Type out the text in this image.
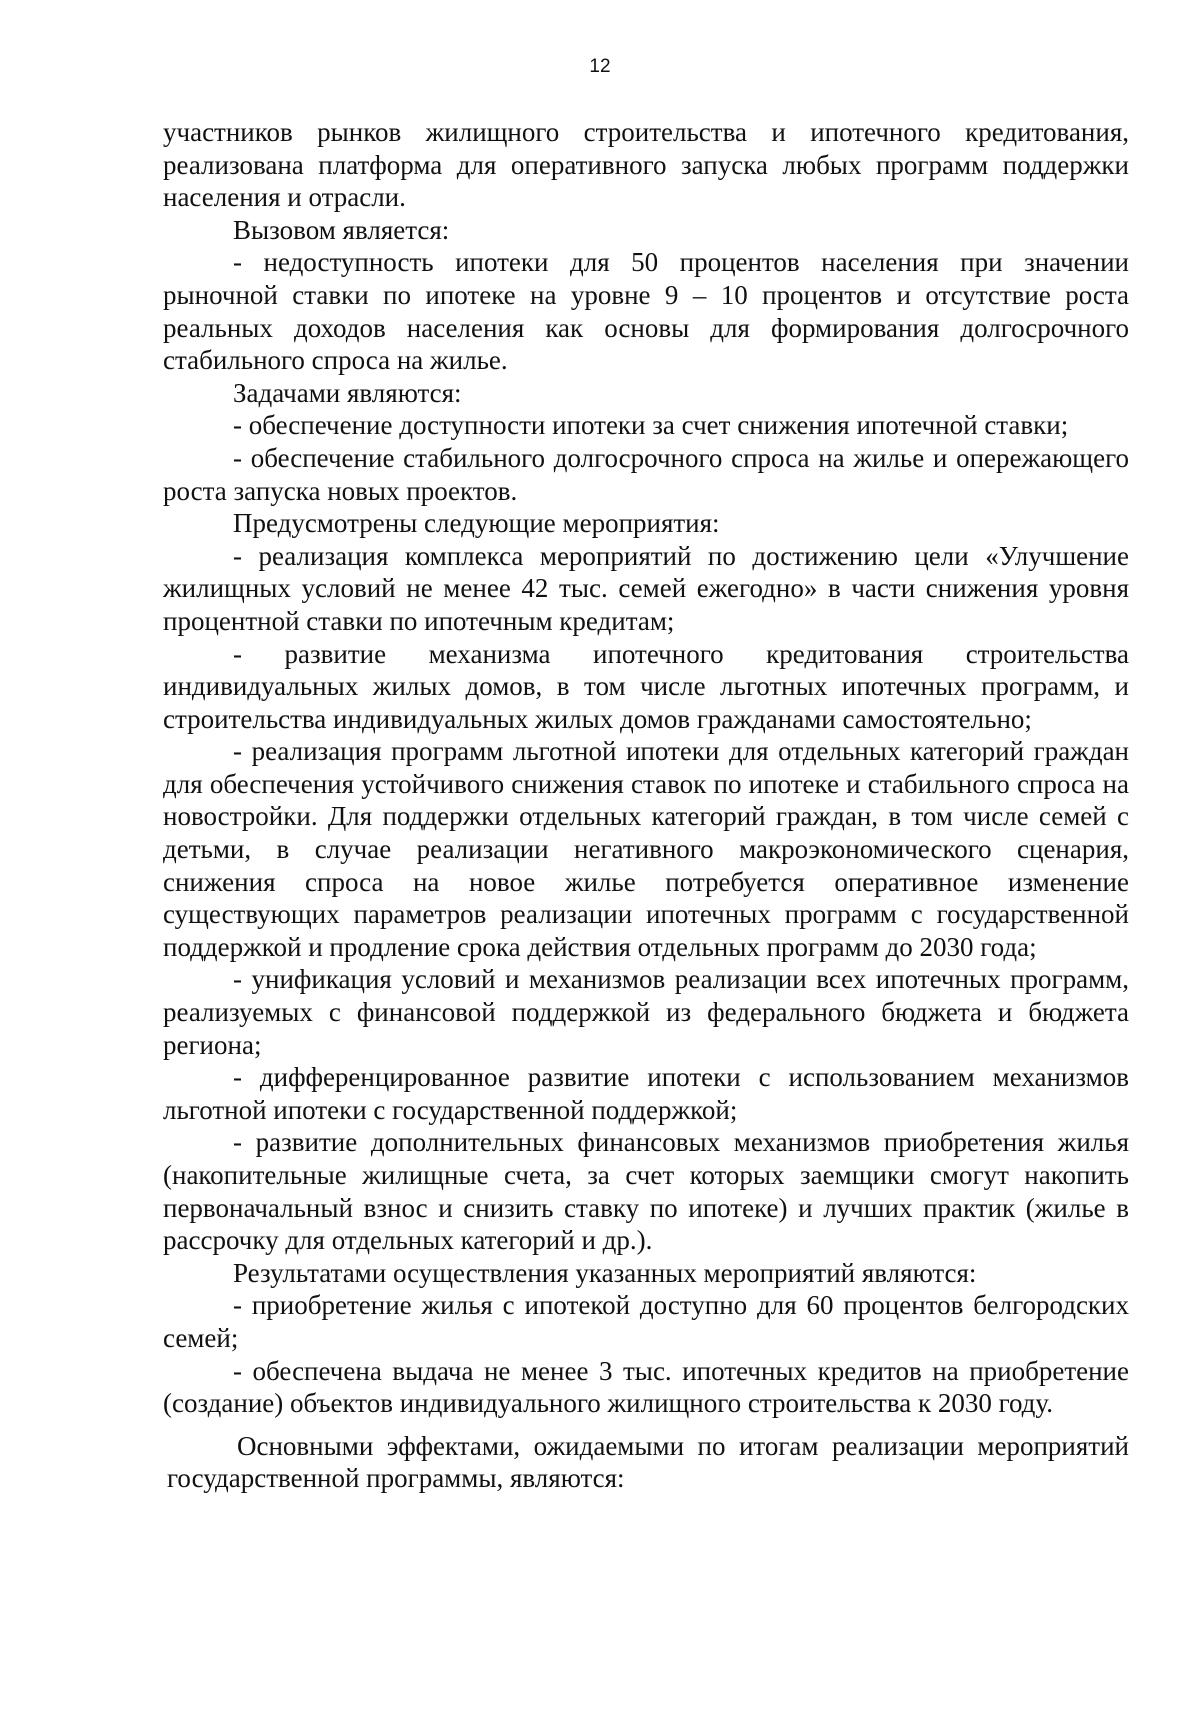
12

участников рынков жилищного строительства и ипотечного кредитования, реализована платформа для оперативного запуска любых программ поддержки населения и отрасли.

Вызовом является:

- недоступность ипотеки для 50 процентов населения при значении рыночной ставки по ипотеке на уровне 9 – 10 процентов и отсутствие роста реальных доходов населения как основы для формирования долгосрочного стабильного спроса на жилье.

Задачами являются:

- обеспечение доступности ипотеки за счет снижения ипотечной ставки;

- обеспечение стабильного долгосрочного спроса на жилье и опережающего роста запуска новых проектов.

Предусмотрены следующие мероприятия:

- реализация комплекса мероприятий по достижению цели «Улучшение жилищных условий не менее 42 тыс. семей ежегодно» в части снижения уровня процентной ставки по ипотечным кредитам;

- развитие механизма ипотечного кредитования строительства индивидуальных жилых домов, в том числе льготных ипотечных программ, и строительства индивидуальных жилых домов гражданами самостоятельно;

- реализация программ льготной ипотеки для отдельных категорий граждан для обеспечения устойчивого снижения ставок по ипотеке и стабильного спроса на новостройки. Для поддержки отдельных категорий граждан, в том числе семей с детьми, в случае реализации негативного макроэкономического сценария, снижения спроса на новое жилье потребуется оперативное изменение существующих параметров реализации ипотечных программ с государственной поддержкой и продление срока действия отдельных программ до 2030 года;

- унификация условий и механизмов реализации всех ипотечных программ, реализуемых с финансовой поддержкой из федерального бюджета и бюджета региона;

- дифференцированное развитие ипотеки с использованием механизмов льготной ипотеки с государственной поддержкой;

- развитие дополнительных финансовых механизмов приобретения жилья (накопительные жилищные счета, за счет которых заемщики смогут накопить первоначальный взнос и снизить ставку по ипотеке) и лучших практик (жилье в рассрочку для отдельных категорий и др.).

Результатами осуществления указанных мероприятий являются:

- приобретение жилья с ипотекой доступно для 60 процентов белгородских семей;

- обеспечена выдача не менее 3 тыс. ипотечных кредитов на приобретение (создание) объектов индивидуального жилищного строительства к 2030 году.

Основными эффектами, ожидаемыми по итогам реализации мероприятий государственной программы, являются:
